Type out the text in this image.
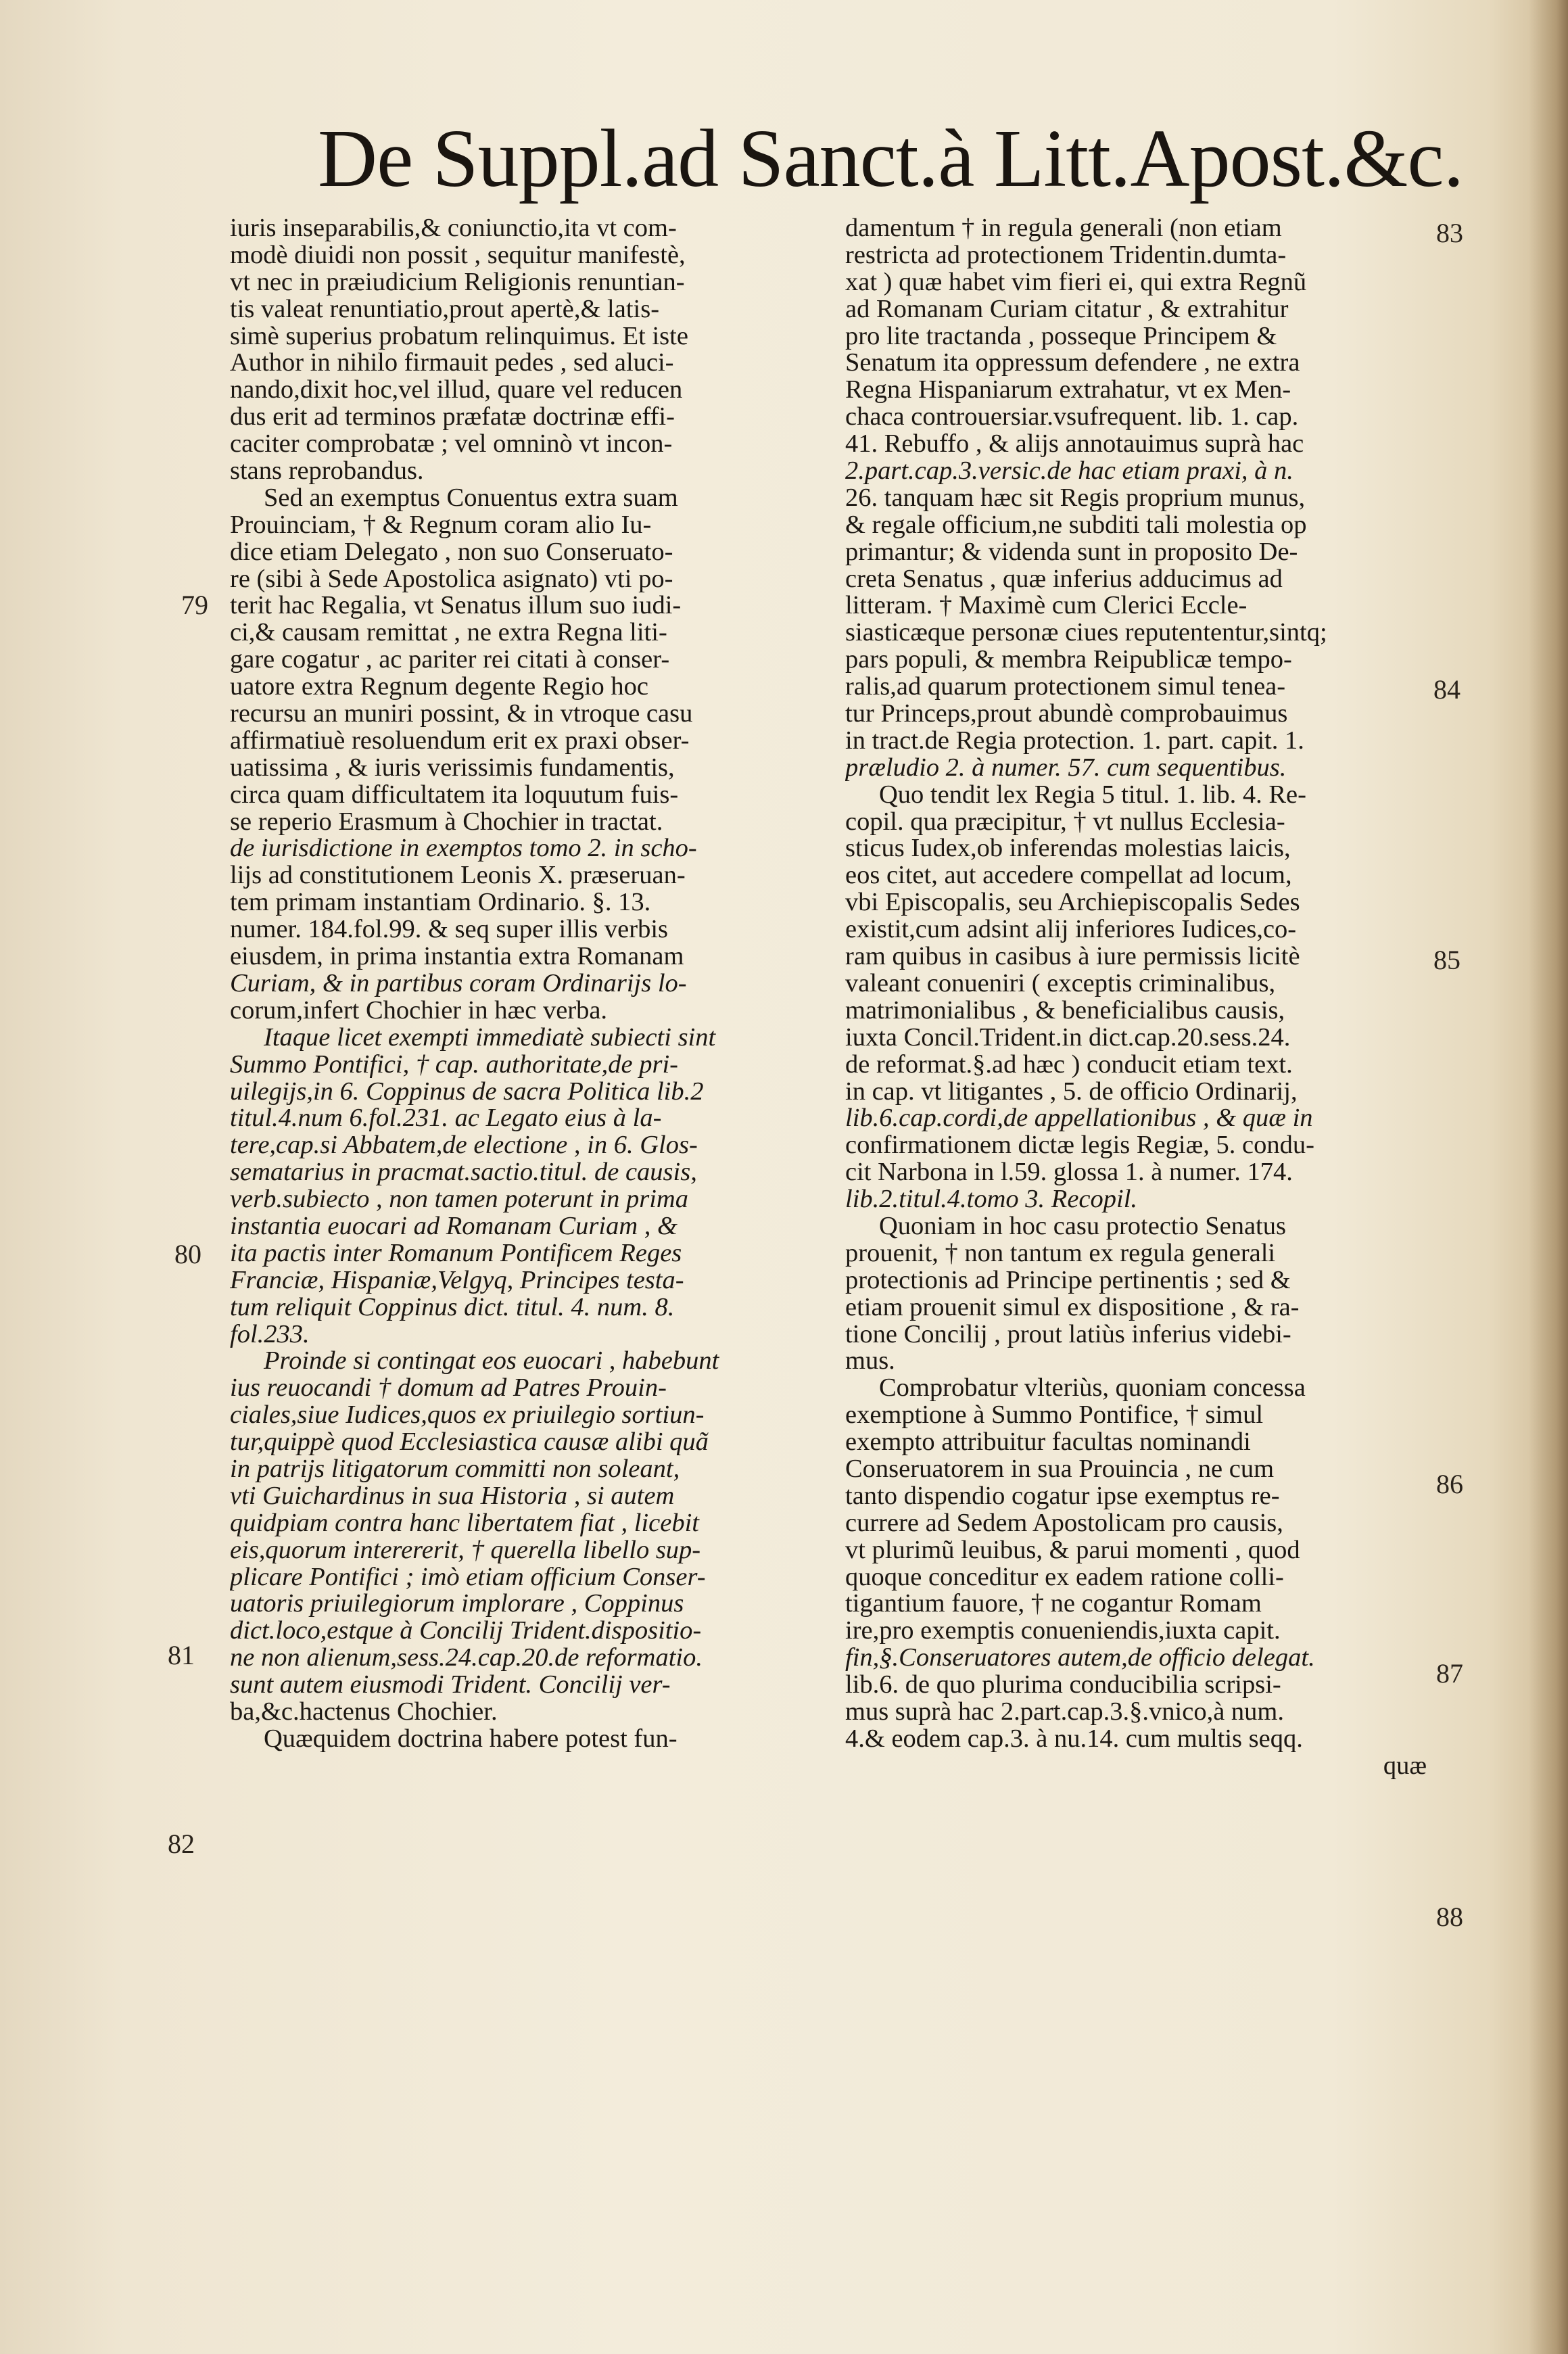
De Suppl.ad Sanct.à Litt.Apost.&c.
iuris inseparabilis,& coniunctio,ita vt com-
modè diuidi non possit , sequitur manifestè,
vt nec in præiudicium Religionis renuntian-
tis valeat renuntiatio,prout apertè,& latis-
simè superius probatum relinquimus. Et iste
Author in nihilo firmauit pedes , sed aluci-
nando,dixit hoc,vel illud, quare vel reducen
dus erit ad terminos præfatæ doctrinæ effi-
caciter comprobatæ ; vel omninò vt incon-
stans reprobandus.
Sed an exemptus Conuentus extra suam
Prouinciam, † & Regnum coram alio Iu-
dice etiam Delegato , non suo Conseruato-
re (sibi à Sede Apostolica asignato) vti po-
terit hac Regalia, vt Senatus illum suo iudi-
ci,& causam remittat , ne extra Regna liti-
gare cogatur , ac pariter rei citati à conser-
uatore extra Regnum degente Regio hoc
recursu an muniri possint, & in vtroque casu
affirmatiuè resoluendum erit ex praxi obser-
uatissima , & iuris verissimis fundamentis,
circa quam difficultatem ita loquutum fuis-
se reperio Erasmum à Chochier in tractat.
de iurisdictione in exemptos tomo 2. in scho-
lijs ad constitutionem Leonis X. præseruan-
tem primam instantiam Ordinario. §. 13.
numer. 184.fol.99. & seq super illis verbis
eiusdem, in prima instantia extra Romanam
Curiam, & in partibus coram Ordinarijs lo-
corum,infert Chochier in hæc verba.
Itaque licet exempti immediatè subiecti sint
Summo Pontifici, † cap. authoritate,de pri-
uilegijs,in 6. Coppinus de sacra Politica lib.2
titul.4.num 6.fol.231. ac Legato eius à la-
tere,cap.si Abbatem,de electione , in 6. Glos-
sematarius in pracmat.sactio.titul. de causis,
verb.subiecto , non tamen poterunt in prima
instantia euocari ad Romanam Curiam , &
ita pactis inter Romanum Pontificem Reges
Franciæ, Hispaniæ,Velgyq, Principes testa-
tum reliquit Coppinus dict. titul. 4. num. 8.
fol.233.
Proinde si contingat eos euocari , habebunt
ius reuocandi † domum ad Patres Prouin-
ciales,siue Iudices,quos ex priuilegio sortiun-
tur,quippè quod Ecclesiastica causæ alibi quã
in patrijs litigatorum committi non soleant,
vti Guichardinus in sua Historia , si autem
quidpiam contra hanc libertatem fiat , licebit
eis,quorum interererit, † querella libello sup-
plicare Pontifici ; imò etiam officium Conser-
uatoris priuilegiorum implorare , Coppinus
dict.loco,estque à Concilij Trident.dispositio-
ne non alienum,sess.24.cap.20.de reformatio.
sunt autem eiusmodi Trident. Concilij ver-
ba,&c.hactenus Chochier.
Quæquidem doctrina habere potest fun-
damentum † in regula generali (non etiam
restricta ad protectionem Tridentin.dumta-
xat ) quæ habet vim fieri ei, qui extra Regnũ
ad Romanam Curiam citatur , & extrahitur
pro lite tractanda , posseque Principem &
Senatum ita oppressum defendere , ne extra
Regna Hispaniarum extrahatur, vt ex Men-
chaca controuersiar.vsufrequent. lib. 1. cap.
41. Rebuffo , & alijs annotauimus suprà hac
2.part.cap.3.versic.de hac etiam praxi, à n.
26. tanquam hæc sit Regis proprium munus,
& regale officium,ne subditi tali molestia op
primantur; & videnda sunt in proposito De-
creta Senatus , quæ inferius adducimus ad
litteram. † Maximè cum Clerici Eccle-
siasticæque personæ ciues reputententur,sintq;
pars populi, & membra Reipublicæ tempo-
ralis,ad quarum protectionem simul tenea-
tur Princeps,prout abundè comprobauimus
in tract.de Regia protection. 1. part. capit. 1.
præludio 2. à numer. 57. cum sequentibus.
Quo tendit lex Regia 5 titul. 1. lib. 4. Re-
copil. qua præcipitur, † vt nullus Ecclesia-
sticus Iudex,ob inferendas molestias laicis,
eos citet, aut accedere compellat ad locum,
vbi Episcopalis, seu Archiepiscopalis Sedes
existit,cum adsint alij inferiores Iudices,co-
ram quibus in casibus à iure permissis licitè
valeant conueniri ( exceptis criminalibus,
matrimonialibus , & beneficialibus causis,
iuxta Concil.Trident.in dict.cap.20.sess.24.
de reformat.§.ad hæc ) conducit etiam text.
in cap. vt litigantes , 5. de officio Ordinarij,
lib.6.cap.cordi,de appellationibus , & quæ in
confirmationem dictæ legis Regiæ, 5. condu-
cit Narbona in l.59. glossa 1. à numer. 174.
lib.2.titul.4.tomo 3. Recopil.
Quoniam in hoc casu protectio Senatus
prouenit, † non tantum ex regula generali
protectionis ad Principe pertinentis ; sed &
etiam prouenit simul ex dispositione , & ra-
tione Concilij , prout latiùs inferius videbi-
mus.
Comprobatur vlteriùs, quoniam concessa
exemptione à Summo Pontifice, † simul
exempto attribuitur facultas nominandi
Conseruatorem in sua Prouincia , ne cum
tanto dispendio cogatur ipse exemptus re-
currere ad Sedem Apostolicam pro causis,
vt plurimũ leuibus, & parui momenti , quod
quoque conceditur ex eadem ratione colli-
tigantium fauore, † ne cogantur Romam
ire,pro exemptis conueniendis,iuxta capit.
fin,§.Conseruatores autem,de officio delegat.
lib.6. de quo plurima conducibilia scripsi-
mus suprà hac 2.part.cap.3.§.vnico,à num.
4.& eodem cap.3. à nu.14. cum multis seqq.
quæ
79
80
81
82
83
84
85
86
87
88
